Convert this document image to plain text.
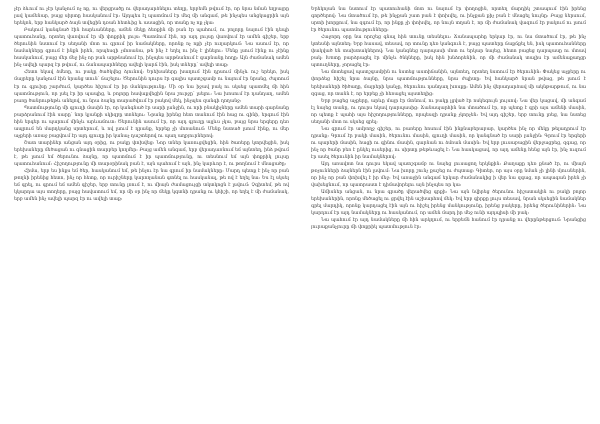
չէր ձևում ու չէր կանչում ոչ ոք, ու վերցրածը ու վերադարձնելու տեղը, երբեմն թվում էր, որ նրա նման եղբայրը լավ կամենար, բայց սիրտը հասկանում էր։ Այդպես էլ պատմում էր մեզ մի անգամ, թե ինչպես անցկացրին այն երեկոն, երբ հանկարծ ձայն տվեցին դռան հետևից և ասացին, որ տանը ոչ ոք չկա։

Բակում կանգնած էին հարևանները, ամեն մեկը ձեռքին մի բան էր պահում, ու բոլորը նայում էին դեպի պատուհանը, որտեղ վառվում էր մի փոքրիկ լույս։ Պատմում էին, որ այդ լույսը վառվում էր ամեն գիշեր, երբ ծերունին նստում էր սեղանի մոտ ու գրում իր նամակները, որոնք ոչ ոքի չէր ուղարկում։ Նա ասում էր, որ նամակները գրում է ինքն իրեն, որպեսզի չմոռանա, թե ինչ է եղել ու ինչ է լինելու։ Մենք լսում էինք ու չէինք հասկանում, բայց մեր մեջ ինչ որ բան արթնանում էր, ինչպես արթնանում է գարնանը հողը։ Այն ժամանակ ամեն ինչ ավելի պարզ էր թվում, ու ճանապարհները ավելի կարճ էին, իսկ տները՝ ավելի տաք։

Հետո եկավ ձմեռը, ու բակը ծածկվեց ձյունով։ Երեխաները խաղում էին դրսում մինչև ուշ երեկո, իսկ մայրերը կանչում էին նրանց տուն՝ ճաշելու։ Ծերունին դուրս էր գալիս պատշգամբ ու նայում էր նրանց, ժպտում էր ու գլուխը շարժում, կարծես հիշում էր իր մանկությունը։ Մի օր նա իջավ բակ ու սկսեց պատմել մի հին պատմություն, որ լսել էր իր պապից, և բոլորը հավաքվեցին նրա շուրջը՝ լսելու։ Նա խոսում էր դանդաղ, ամեն բառը ծանրութեթև անելով, ու նրա ձայնը տարածվում էր բակով մեկ, ինչպես զանգի ղողանջ։

Պատմությունը մի գյուղի մասին էր, որ կանգնած էր սարի լանջին, ու որի բնակիչները ամեն տարի գարնանը բարձրանում էին սարը՝ նոր կյանքի սկիզբը տոնելու։ Նրանք իրենց հետ տանում էին հաց ու գինի, երգում էին հին երգեր ու պարում մինչև արևամուտ։ Ծերունին ասում էր, որ այդ գյուղը այլևս չկա, բայց նրա երգերը դեռ ապրում են մարդկանց սրտերում, և ով լսում է դրանք, երբեք չի մոռանում։ Մենք նստած լսում էինք, ու մեր աչքերի առաջ բացվում էր այդ գյուղը իր կանաչ դաշտերով ու պաղ աղբյուրներով։

Շատ տարիներ անցան այդ օրից, ու բակը փոխվեց։ Նոր տներ կառուցվեցին, հին ծառերը կտրվեցին, իսկ երեխաները մեծացան ու գնացին տարբեր կողմեր։ Բայց ամեն անգամ, երբ վերադառնում եմ այնտեղ, ինձ թվում է, թե լսում եմ ծերունու ձայնը, որ պատմում է իր պատմությունը, ու տեսնում եմ այն փոքրիկ լույսը պատուհանում։ Հիշողությունը մի տարօրինակ բան է, այն պահում է այն, ինչ կարևոր է, ու թողնում է մնացածը։

Հիմա, երբ ես ինքս եմ ծեր, հասկանում եմ, թե ինչու էր նա գրում իր նամակները։ Մարդ պետք է ինչ որ բան թողնի իրենից հետո, ինչ որ հետք, որ ուրիշները կարողանան գտնել ու հասկանալ, թե ով է եղել նա։ Ես էլ սկսել եմ գրել, ու գրում եմ ամեն գիշեր, երբ տունը լռում է, ու միայն ժամացույցի տկտկոցն է լսվում։ Չգիտեմ, թե ով կկարդա այս տողերը, բայց հավատում եմ, որ մի օր ինչ որ մեկը կգտնի դրանք ու կհիշի, որ եղել է մի ժամանակ, երբ ամեն ինչ ավելի պարզ էր ու ավելի տաք։

Երեկոյան նա նստում էր պատուհանի մոտ ու նայում էր փողոցին, որտեղ մարդիկ շտապում էին իրենց գործերով։ Նա մտածում էր, թե ինչքան շատ բան է փոխվել, ու ինչքան քիչ բան է մնացել նույնը։ Բայց ներսում, սրտի խորքում, նա զգում էր, որ ինքը չի փոխվել, որ նույն տղան է, որ մի ժամանակ վազում էր բակում ու լսում էր ծերունու պատմությունները։

Հաջորդ օրը նա որոշեց գնալ հին տունը տեսնելու։ Ճանապարհը երկար էր, ու նա մտածում էր, թե ինչ կտեսնի այնտեղ։ Երբ հասավ, տեսավ, որ տունը դեռ կանգուն է, բայց պատերը ճաքճքել են, իսկ պատուհանները փակված են տախտակներով։ Նա կանգնեց դարպասի մոտ ու երկար նայեց, հետո բացեց դարպասը ու մտավ բակ։ Խոտը բարձրացել էր մինչև ծնկները, իսկ հին խնձորենին, որ մի ժամանակ տալիս էր ամենաքաղցր պտուղները, չորացել էր։

Նա մոտեցավ պատշգամբին ու նստեց աստիճանին, այնտեղ, որտեղ նստում էր ծերունին։ Փակեց աչքերը ու փորձեց հիշել նրա ձայնը, նրա պատմությունները, նրա ժպիտը։ Եվ հանկարծ նրան թվաց, թե լսում է երեխաների ծիծաղը, մայրերի կանչը, ծերունու դանդաղ խոսքը։ Ամեն ինչ վերադարձավ մի ակնթարթում, ու նա զգաց, որ տանն է, որ երբեք չի հեռացել այստեղից։

Երբ բացեց աչքերը, արևը մայր էր մտնում, ու բակը լցված էր ոսկեգույն լույսով։ Նա վեր կացավ, մի անգամ էլ նայեց տանը, ու դուրս եկավ դարպասից։ Ճանապարհին նա մտածում էր, որ պետք է գրի այս ամենի մասին, որ պետք է պահի այս հիշողությունները, որպեսզի դրանք չկորչեն։ Եվ այդ գիշեր, երբ տունը լռեց, նա նստեց սեղանի մոտ ու սկսեց գրել։

Նա գրում էր ամբողջ գիշեր, ու բառերը հոսում էին ինքնաբերաբար, կարծես ինչ որ մեկը թելադրում էր դրանք։ Գրում էր բակի մասին, ծերունու մասին, գյուղի մասին, որ կանգնած էր սարի լանջին։ Գրում էր երգերի ու պարերի մասին, հացի ու գինու մասին, գարնան ու ձմռան մասին։ Եվ երբ լուսաբացին վերջացրեց, զգաց, որ ինչ որ ծանր բեռ է ընկել ուսերից, ու սիրտը թեթևացել է։ Նա հասկացավ, որ այդ ամենը հենց այն էր, ինչ ուզում էր ասել ծերունին իր նամակներով։

Այդ առավոտ նա դուրս եկավ պատշգամբ ու նայեց լուսացող երկնքին։ Քաղաքը դեռ քնած էր, ու միայն թռչունների ձայներն էին լսվում։ Նա խորը շունչ քաշեց ու ժպտաց։ Գիտեր, որ այս օրը նման չի լինի մյուսներին, որ ինչ որ բան փոխվել է իր մեջ։ Եվ առաջին անգամ երկար ժամանակից ի վեր նա զգաց, որ ապագան իրեն չի վախեցնում, որ պատրաստ է դիմավորելու այն ինչպես որ կա։

Ամիսներ անցան, ու նրա գրածը վերածվեց գրքի։ Նա այն նվիրեց ծերունու հիշատակին ու բակի բոլոր երեխաներին, որոնք մեծացել ու ցրվել էին աշխարհով մեկ։ Եվ երբ գիրքը լույս տեսավ, նրան սկսեցին նամակներ գրել մարդիկ, որոնք կարդացել էին այն ու հիշել իրենց մանկությունը, իրենց բակերը, իրենց ծերունիներին։ Նա կարդում էր այդ նամակները ու հասկանում, որ ամեն մարդ իր մեջ ունի այդպիսի մի բակ։

Նա պահում էր այդ նամակները մի հին արկղում, ու երբեմն հանում էր դրանք ու վերընթերցում։ Նրանցից յուրաքանչյուրը մի փոքրիկ պատմություն էր։
